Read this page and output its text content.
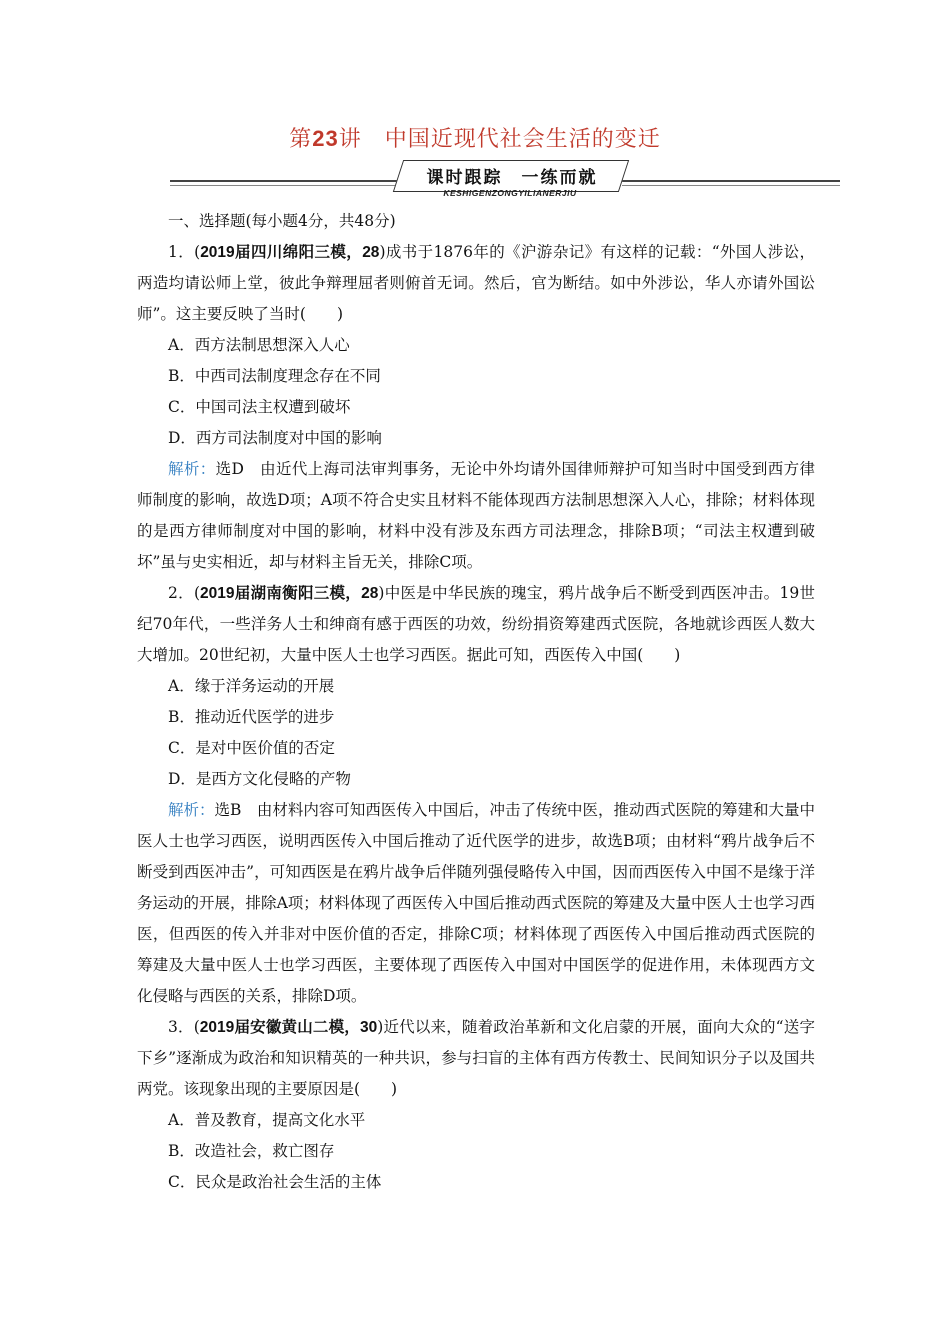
第23讲　中国近现代社会生活的变迁
课时跟踪　一练而就
KESHIGENZONGYILIANERJIU

一、选择题(每小题4分，共48分)

1．(2019届四川绵阳三模，28)成书于1876年的《沪游杂记》有这样的记载：“外国人涉讼，两造均请讼师上堂，彼此争辩理屈者则俯首无词。然后，官为断结。如中外涉讼，华人亦请外国讼师”。这主要反映了当时(　　)

A．西方法制思想深入人心

B．中西司法制度理念存在不同

C．中国司法主权遭到破坏

D．西方司法制度对中国的影响

解析：选D　由近代上海司法审判事务，无论中外均请外国律师辩护可知当时中国受到西方律师制度的影响，故选D项；A项不符合史实且材料不能体现西方法制思想深入人心，排除；材料体现的是西方律师制度对中国的影响，材料中没有涉及东西方司法理念，排除B项；“司法主权遭到破坏”虽与史实相近，却与材料主旨无关，排除C项。

2．(2019届湖南衡阳三模，28)中医是中华民族的瑰宝，鸦片战争后不断受到西医冲击。19世纪70年代，一些洋务人士和绅商有感于西医的功效，纷纷捐资筹建西式医院，各地就诊西医人数大大增加。20世纪初，大量中医人士也学习西医。据此可知，西医传入中国(　　)

A．缘于洋务运动的开展

B．推动近代医学的进步

C．是对中医价值的否定

D．是西方文化侵略的产物

解析：选B　由材料内容可知西医传入中国后，冲击了传统中医，推动西式医院的筹建和大量中医人士也学习西医，说明西医传入中国后推动了近代医学的进步，故选B项；由材料“鸦片战争后不断受到西医冲击”，可知西医是在鸦片战争后伴随列强侵略传入中国，因而西医传入中国不是缘于洋务运动的开展，排除A项；材料体现了西医传入中国后推动西式医院的筹建及大量中医人士也学习西医，但西医的传入并非对中医价值的否定，排除C项；材料体现了西医传入中国后推动西式医院的筹建及大量中医人士也学习西医，主要体现了西医传入中国对中国医学的促进作用，未体现西方文化侵略与西医的关系，排除D项。

3．(2019届安徽黄山二模，30)近代以来，随着政治革新和文化启蒙的开展，面向大众的“送字下乡”逐渐成为政治和知识精英的一种共识，参与扫盲的主体有西方传教士、民间知识分子以及国共两党。该现象出现的主要原因是(　　)

A．普及教育，提高文化水平

B．改造社会，救亡图存

C．民众是政治社会生活的主体
